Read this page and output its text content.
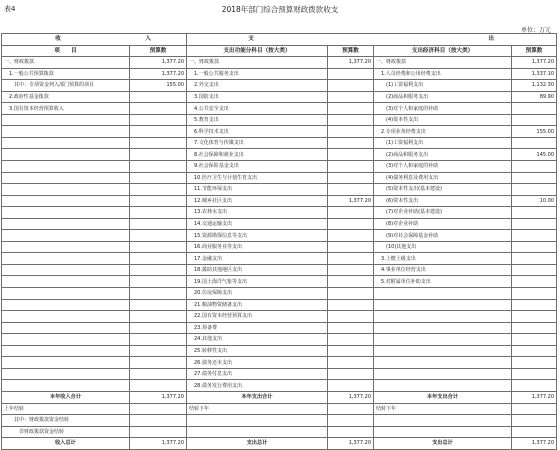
表4	2018年部门综合预算财政拨款收支
单位：万元
收 入		支 出			
项　　目	预算数	支出功能分科目（按大类）	预算数	支出经济科目（按大类）	预算数
一、财政拨款	1,377.20	一、财政拨款	1,377.20	一、财政拨款	1,377.20
　1.一般公共预算拨款	1,377.20	　1.一般公共服务支出		　1.人员经费和公用经费支出	1,337.10
　　其中：专项资金列入部门预算的项目	155.00	　2.外交支出		　　(1)工资福利支出	1,132.30
　2.政府性基金拨款		　3.国防支出		　　(2)商品和服务支出	89.90
　3.国有资本经营预算收入		　4.公共安全支出		　　(3)对个人和家庭的补助	
		　5.教育支出		　　(4)资本性支出	
		　6.科学技术支出		　2.专项业务经费支出	155.00
		　7.文化体育与传媒支出		　　(1)工资福利支出	
		　8.社会保障和就业支出		　　(2)商品和服务支出	145.00
		　9.社会保险基金支出		　　(3)对个人和家庭的补助	
		　10.医疗卫生与计划生育支出		　　(4)债务利息及费用支出	
		　11.节能环保支出		　　(5)资本性支出(基本建设)	
		　12.城乡社区支出	1,377.20	　　(6)资本性支出	10.00
		　13.农林水支出		　　(7)对企业补助(基本建设)	
		　14.交通运输支出		　　(8)对企业补助	
		　15.资源勘探信息等支出		　　(9)对社会保障基金补助	
		　16.商业服务业等支出		　　(10)其他支出	
		　17.金融支出		　3.上缴上级支出	
		　18.援助其他地区支出		　4.事业单位经营支出	
		　19.国土海洋气象等支出		　5.对附属单位补助支出	
		　20.住房保障支出			
		　21.粮油物资储备支出			
		　22.国有资本经营预算支出			
		　23.预备费			
		　24.其他支出			
		　25.转移性支出			
		　26.债务还本支出			
		　27.债务付息支出			
		　28.债务发行费用支出			
本年收入合计	1,377.20	本年支出合计	1,377.20	本年支出合计	1,377.20
上年结转		结转下年		结转下年	
　　其中：财政拨款资金结转					
　　　非财政拨款资金结转					
收入总计	1,377.20	支出总计	1,377.20	支出总计	1,377.20
